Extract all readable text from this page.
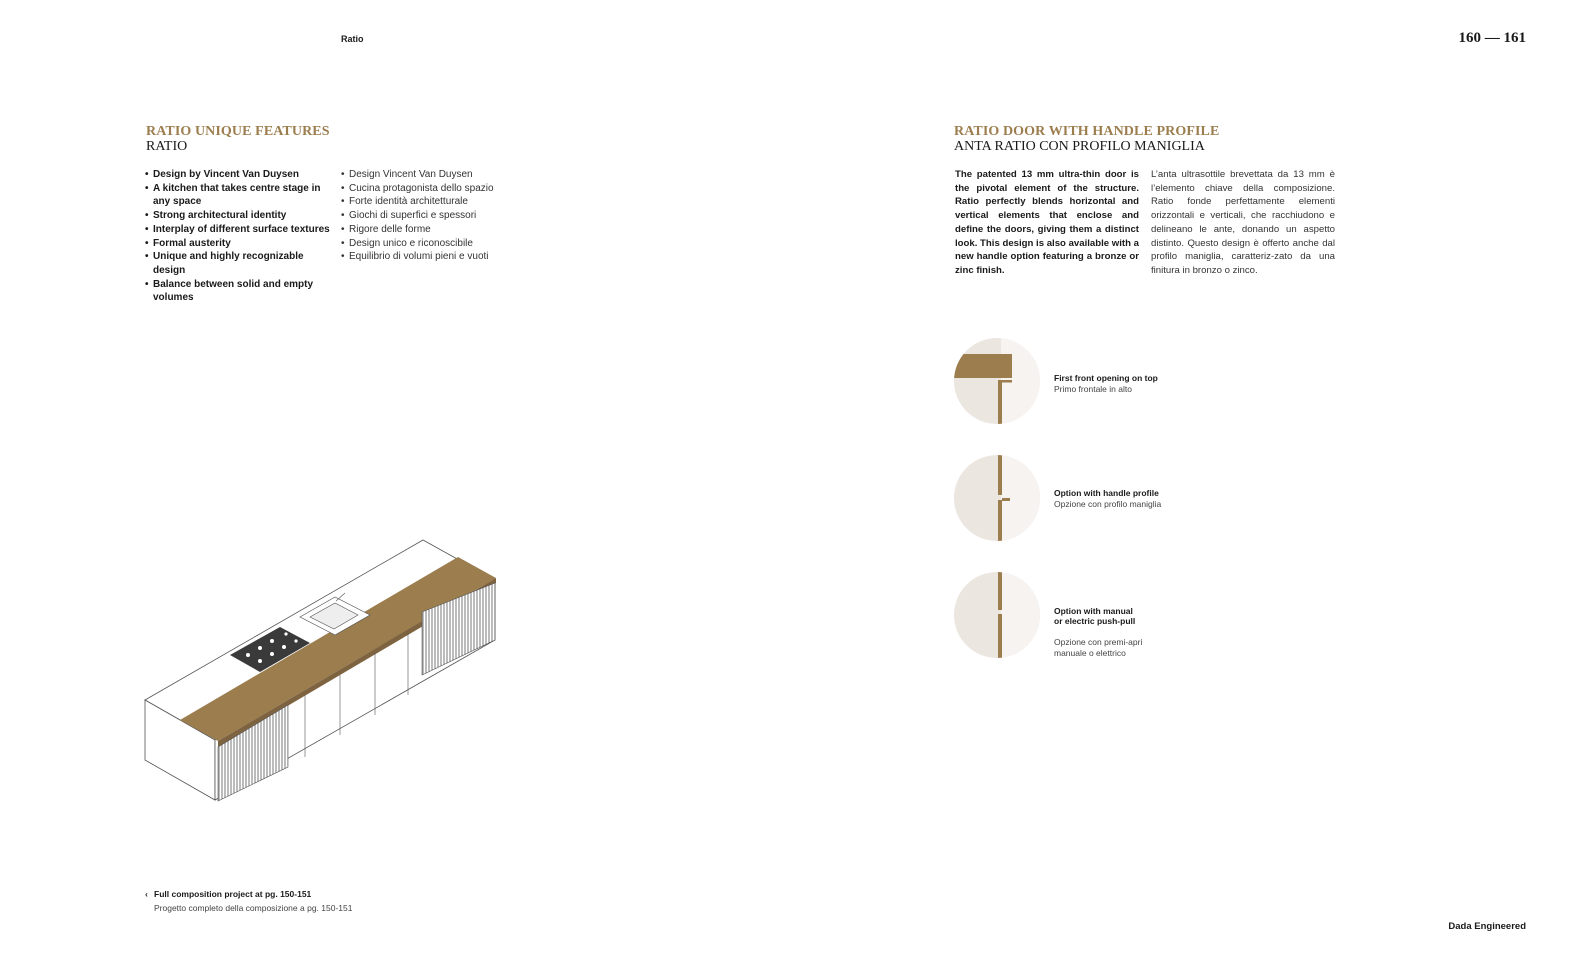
Ratio	160 — 161
RATIO UNIQUE FEATURES
RATIO
• Design by Vincent Van Duysen
• A kitchen that takes centre stage in any space
• Strong architectural identity
• Interplay of different surface textures
• Formal austerity
• Unique and highly recognizable design
• Balance between solid and empty volumes
• Design Vincent Van Duysen
• Cucina protagonista dello spazio
• Forte identità architetturale
• Giochi di superfici e spessori
• Rigore delle forme
• Design unico e riconoscibile
• Equilibrio di volumi pieni e vuoti
RATIO DOOR WITH HANDLE PROFILE
ANTA RATIO CON PROFILO MANIGLIA
The patented 13 mm ultra-thin door is the pivotal element of the structure. Ratio perfectly blends horizontal and vertical elements that enclose and define the doors, giving them a distinct look. This design is also available with a new handle option featuring a bronze or zinc finish.
L’anta ultrasottile brevettata da 13 mm è l’elemento chiave della composizione. Ratio fonde perfettamente elementi orizzontali e verticali, che racchiudono e delineano le ante, donando un aspetto distinto. Questo design è offerto anche dal profilo maniglia, caratteriz-zato da una finitura in bronzo o zinco.
First front opening on top
Primo frontale in alto
Option with handle profile
Opzione con profilo maniglia

Option with manual
or electric push-pull

Opzione con premi-apri
manuale o elettrico

‹ Full composition project at pg. 150-151
Progetto completo della composizione a pg. 150-151
Dada Engineered
